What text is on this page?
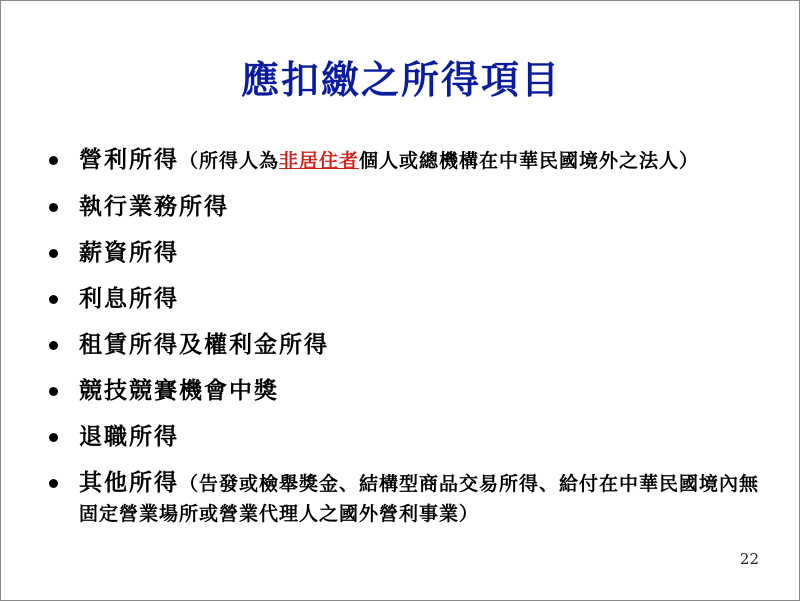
應扣繳之所得項目
營利所得（所得人為非居住者個人或總機構在中華民國境外之法人）
執行業務所得
薪資所得
利息所得
租賃所得及權利金所得
競技競賽機會中獎
退職所得
其他所得（告發或檢舉獎金、結構型商品交易所得、給付在中華民國境內無固定營業場所或營業代理人之國外營利事業）
22
